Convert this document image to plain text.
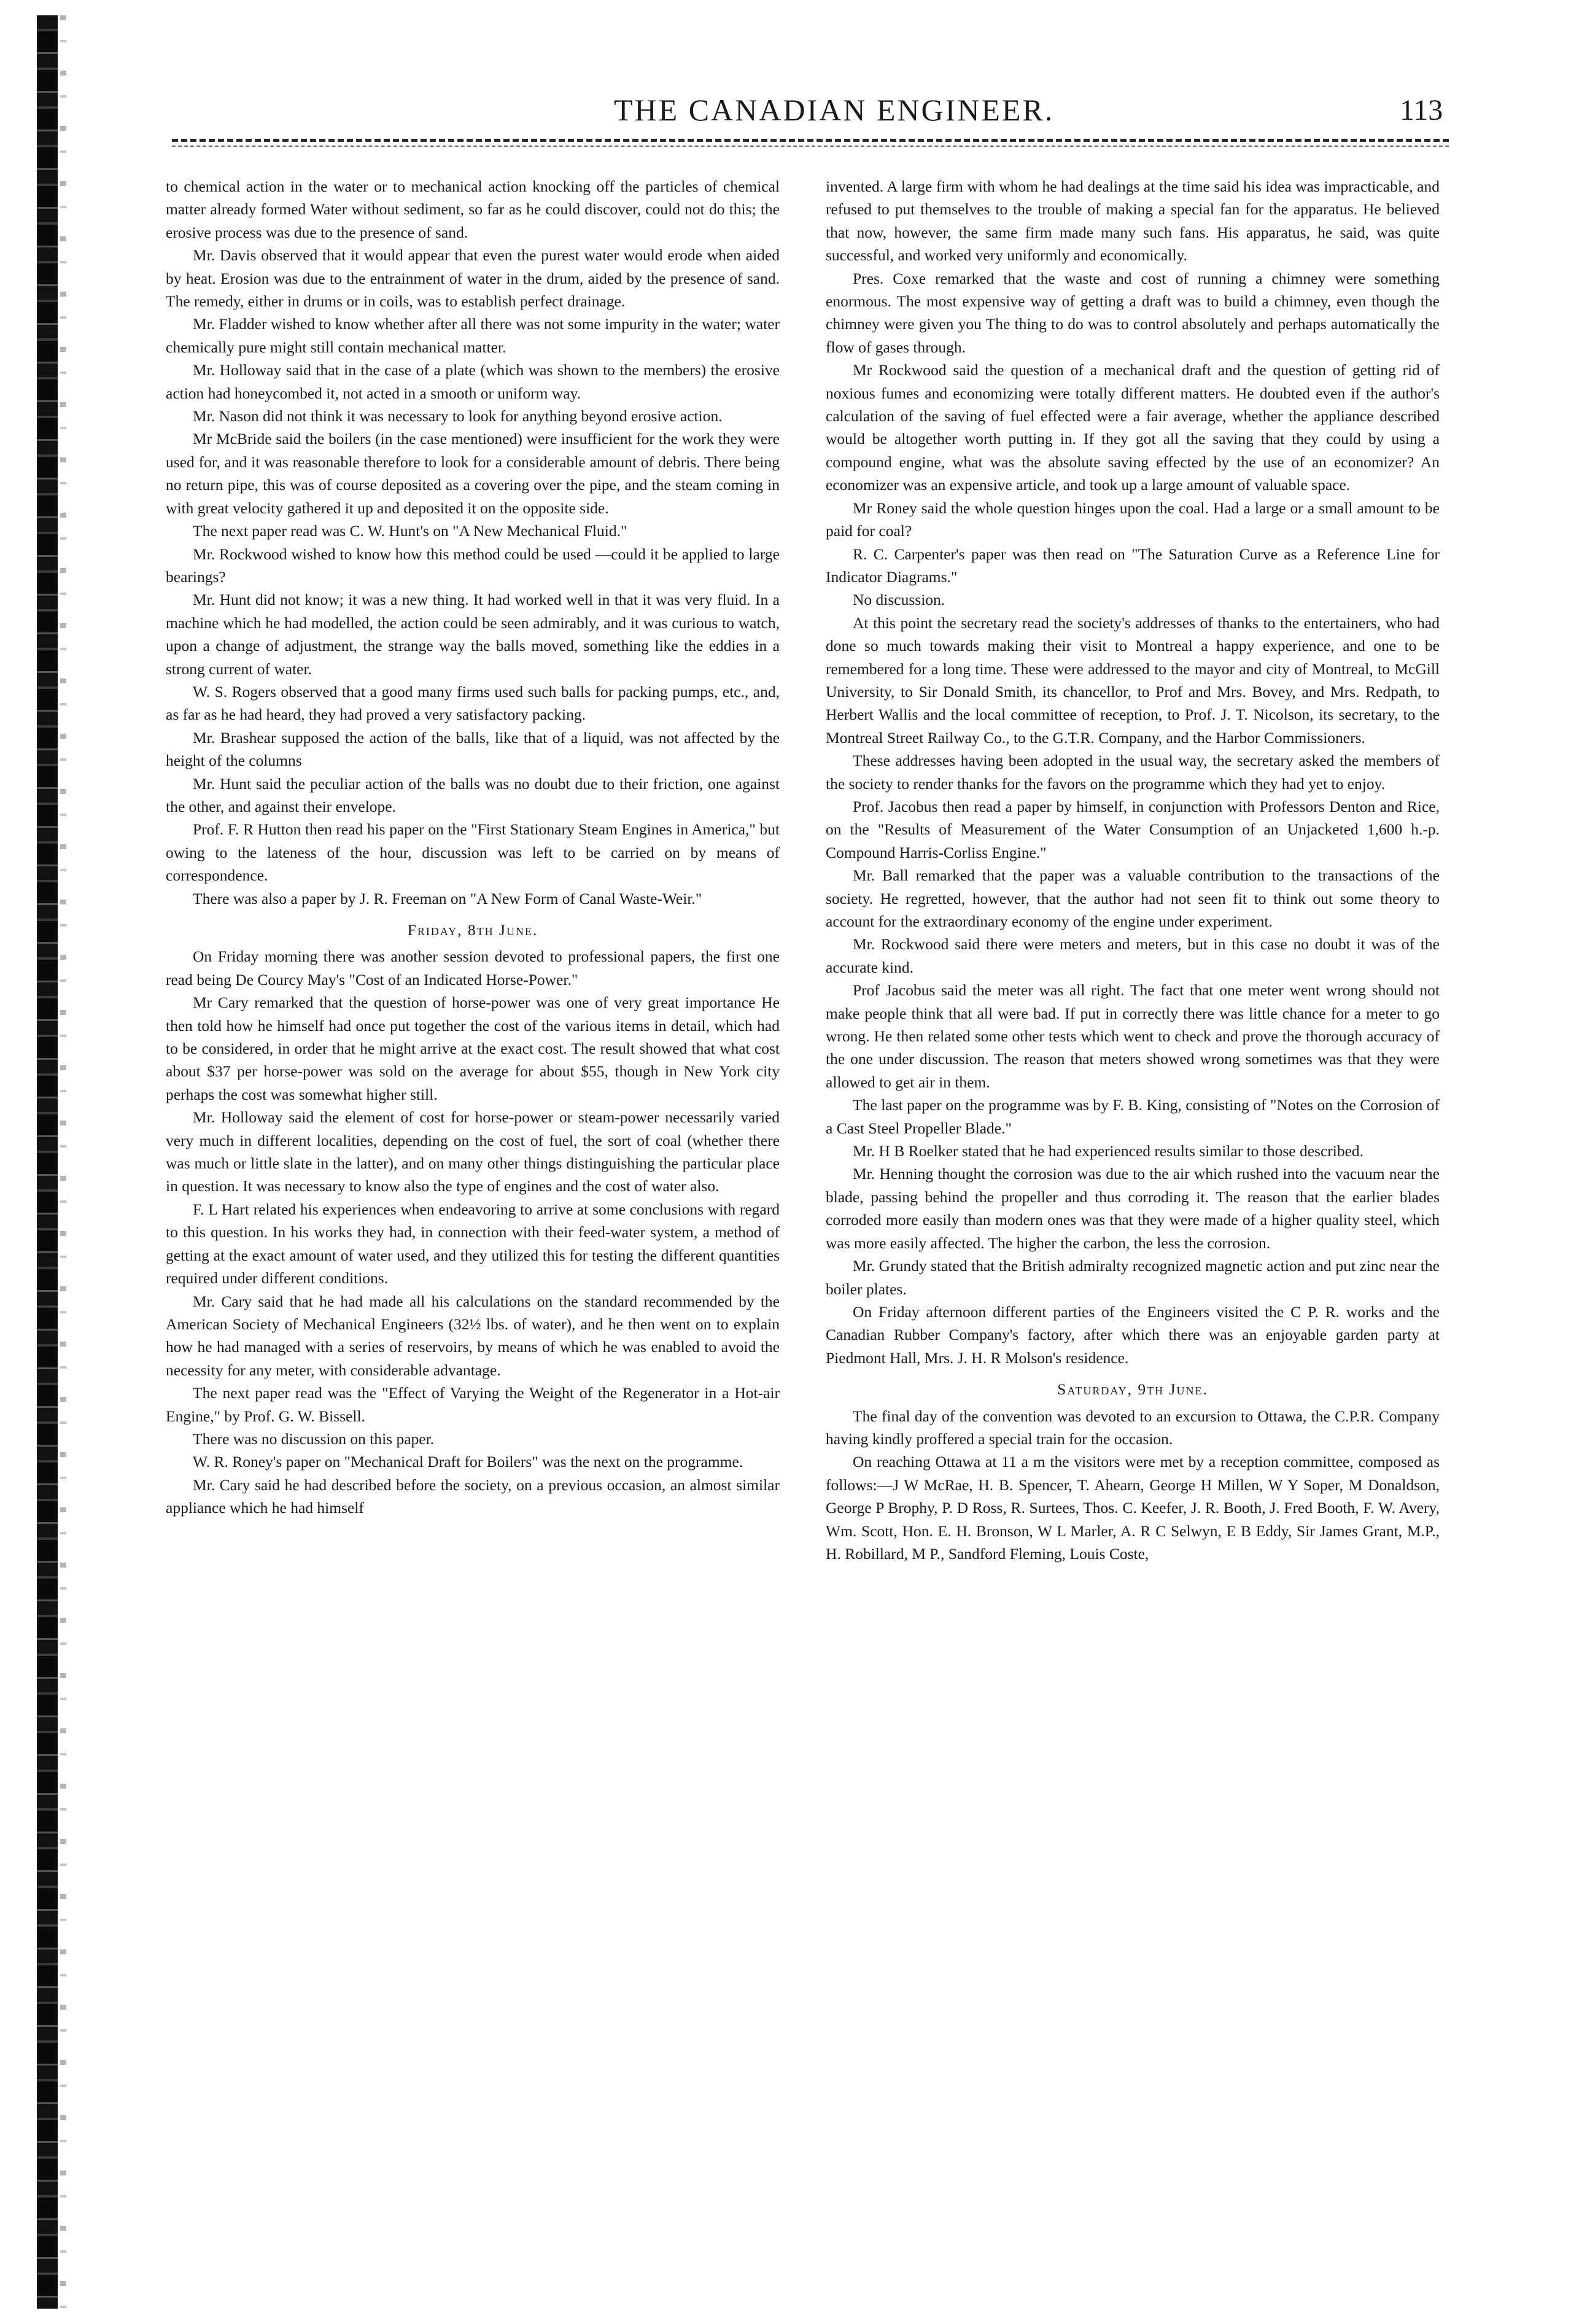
THE CANADIAN ENGINEER.	113

to chemical action in the water or to mechanical action knocking off the particles of chemical matter already formed Water without sediment, so far as he could discover, could not do this; the erosive process was due to the presence of sand.

Mr. Davis observed that it would appear that even the purest water would erode when aided by heat. Erosion was due to the entrainment of water in the drum, aided by the presence of sand. The remedy, either in drums or in coils, was to establish perfect drainage.

Mr. Fladder wished to know whether after all there was not some impurity in the water; water chemically pure might still contain mechanical matter.

Mr. Holloway said that in the case of a plate (which was shown to the members) the erosive action had honeycombed it, not acted in a smooth or uniform way.

Mr. Nason did not think it was necessary to look for anything beyond erosive action.

Mr McBride said the boilers (in the case mentioned) were insufficient for the work they were used for, and it was reasonable therefore to look for a considerable amount of debris. There being no return pipe, this was of course deposited as a covering over the pipe, and the steam coming in with great velocity gathered it up and deposited it on the opposite side.

The next paper read was C. W. Hunt's on "A New Mechanical Fluid."

Mr. Rockwood wished to know how this method could be used —could it be applied to large bearings?

Mr. Hunt did not know; it was a new thing. It had worked well in that it was very fluid. In a machine which he had modelled, the action could be seen admirably, and it was curious to watch, upon a change of adjustment, the strange way the balls moved, something like the eddies in a strong current of water.

W. S. Rogers observed that a good many firms used such balls for packing pumps, etc., and, as far as he had heard, they had proved a very satisfactory packing.

Mr. Brashear supposed the action of the balls, like that of a liquid, was not affected by the height of the columns

Mr. Hunt said the peculiar action of the balls was no doubt due to their friction, one against the other, and against their envelope.

Prof. F. R Hutton then read his paper on the "First Stationary Steam Engines in America," but owing to the lateness of the hour, discussion was left to be carried on by means of correspondence.

There was also a paper by J. R. Freeman on "A New Form of Canal Waste-Weir."

Friday, 8th June.

On Friday morning there was another session devoted to professional papers, the first one read being De Courcy May's "Cost of an Indicated Horse-Power."

Mr Cary remarked that the question of horse-power was one of very great importance He then told how he himself had once put together the cost of the various items in detail, which had to be considered, in order that he might arrive at the exact cost. The result showed that what cost about $37 per horse-power was sold on the average for about $55, though in New York city perhaps the cost was somewhat higher still.

Mr. Holloway said the element of cost for horse-power or steam-power necessarily varied very much in different localities, depending on the cost of fuel, the sort of coal (whether there was much or little slate in the latter), and on many other things distinguishing the particular place in question. It was necessary to know also the type of engines and the cost of water also.

F. L Hart related his experiences when endeavoring to arrive at some conclusions with regard to this question. In his works they had, in connection with their feed-water system, a method of getting at the exact amount of water used, and they utilized this for testing the different quantities required under different conditions.

Mr. Cary said that he had made all his calculations on the standard recommended by the American Society of Mechanical Engineers (32½ lbs. of water), and he then went on to explain how he had managed with a series of reservoirs, by means of which he was enabled to avoid the necessity for any meter, with considerable advantage.

The next paper read was the "Effect of Varying the Weight of the Regenerator in a Hot-air Engine," by Prof. G. W. Bissell.

There was no discussion on this paper.

W. R. Roney's paper on "Mechanical Draft for Boilers" was the next on the programme.

Mr. Cary said he had described before the society, on a previous occasion, an almost similar appliance which he had himself

invented. A large firm with whom he had dealings at the time said his idea was impracticable, and refused to put themselves to the trouble of making a special fan for the apparatus. He believed that now, however, the same firm made many such fans. His apparatus, he said, was quite successful, and worked very uniformly and economically.

Pres. Coxe remarked that the waste and cost of running a chimney were something enormous. The most expensive way of getting a draft was to build a chimney, even though the chimney were given you The thing to do was to control absolutely and perhaps automatically the flow of gases through.

Mr Rockwood said the question of a mechanical draft and the question of getting rid of noxious fumes and economizing were totally different matters. He doubted even if the author's calculation of the saving of fuel effected were a fair average, whether the appliance described would be altogether worth putting in. If they got all the saving that they could by using a compound engine, what was the absolute saving effected by the use of an economizer? An economizer was an expensive article, and took up a large amount of valuable space.

Mr Roney said the whole question hinges upon the coal. Had a large or a small amount to be paid for coal?

R. C. Carpenter's paper was then read on "The Saturation Curve as a Reference Line for Indicator Diagrams."

No discussion.

At this point the secretary read the society's addresses of thanks to the entertainers, who had done so much towards making their visit to Montreal a happy experience, and one to be remembered for a long time. These were addressed to the mayor and city of Montreal, to McGill University, to Sir Donald Smith, its chancellor, to Prof and Mrs. Bovey, and Mrs. Redpath, to Herbert Wallis and the local committee of reception, to Prof. J. T. Nicolson, its secretary, to the Montreal Street Railway Co., to the G.T.R. Company, and the Harbor Commissioners.

These addresses having been adopted in the usual way, the secretary asked the members of the society to render thanks for the favors on the programme which they had yet to enjoy.

Prof. Jacobus then read a paper by himself, in conjunction with Professors Denton and Rice, on the "Results of Measurement of the Water Consumption of an Unjacketed 1,600 h.-p. Compound Harris-Corliss Engine."

Mr. Ball remarked that the paper was a valuable contribution to the transactions of the society. He regretted, however, that the author had not seen fit to think out some theory to account for the extraordinary economy of the engine under experiment.

Mr. Rockwood said there were meters and meters, but in this case no doubt it was of the accurate kind.

Prof Jacobus said the meter was all right. The fact that one meter went wrong should not make people think that all were bad. If put in correctly there was little chance for a meter to go wrong. He then related some other tests which went to check and prove the thorough accuracy of the one under discussion. The reason that meters showed wrong sometimes was that they were allowed to get air in them.

The last paper on the programme was by F. B. King, consisting of "Notes on the Corrosion of a Cast Steel Propeller Blade."

Mr. H B Roelker stated that he had experienced results similar to those described.

Mr. Henning thought the corrosion was due to the air which rushed into the vacuum near the blade, passing behind the propeller and thus corroding it. The reason that the earlier blades corroded more easily than modern ones was that they were made of a higher quality steel, which was more easily affected. The higher the carbon, the less the corrosion.

Mr. Grundy stated that the British admiralty recognized magnetic action and put zinc near the boiler plates.

On Friday afternoon different parties of the Engineers visited the C P. R. works and the Canadian Rubber Company's factory, after which there was an enjoyable garden party at Piedmont Hall, Mrs. J. H. R Molson's residence.

Saturday, 9th June.

The final day of the convention was devoted to an excursion to Ottawa, the C.P.R. Company having kindly proffered a special train for the occasion.

On reaching Ottawa at 11 a m the visitors were met by a reception committee, composed as follows:—J W McRae, H. B. Spencer, T. Ahearn, George H Millen, W Y Soper, M Donaldson, George P Brophy, P. D Ross, R. Surtees, Thos. C. Keefer, J. R. Booth, J. Fred Booth, F. W. Avery, Wm. Scott, Hon. E. H. Bronson, W L Marler, A. R C Selwyn, E B Eddy, Sir James Grant, M.P., H. Robillard, M P., Sandford Fleming, Louis Coste,
